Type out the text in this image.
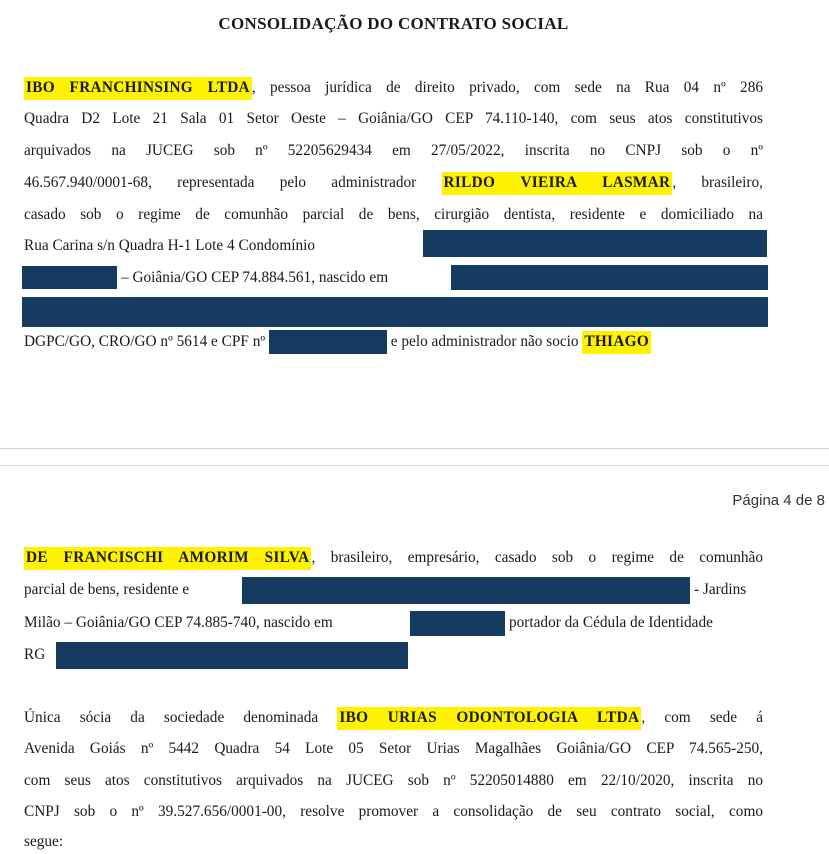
CONSOLIDAÇÃO DO CONTRATO SOCIAL
IBO FRANCHINSING LTDA , pessoa jurídica de direito privado, com sede na Rua 04 nº 286
Quadra D2 Lote 21 Sala 01 Setor Oeste – Goiânia/GO CEP 74.110-140, com seus atos constitutivos
arquivados na JUCEG sob nº 52205629434 em 27/05/2022, inscrita no CNPJ sob o nº
46.567.940/0001-68, representada pelo administrador RILDO VIEIRA LASMAR , brasileiro,
casado sob o regime de comunhão parcial de bens, cirurgião dentista, residente e domiciliado na
Rua Carina s/n Quadra H-1 Lote 4 Condomínio
– Goiânia/GO CEP 74.884.561, nascido em
DGPC/GO, CRO/GO nº 5614 e CPF nº	e pelo administrador não socio THIAGO
Página 4 de 8
DE FRANCISCHI AMORIM SILVA , brasileiro, empresário, casado sob o regime de comunhão
parcial de bens, residente e	- Jardins
Milão – Goiânia/GO CEP 74.885-740, nascido em	portador da Cédula de Identidade
RG
Única sócia da sociedade denominada IBO URIAS ODONTOLOGIA LTDA , com sede á
Avenida Goiás nº 5442 Quadra 54 Lote 05 Setor Urias Magalhães Goiânia/GO CEP 74.565-250,
com seus atos constitutivos arquivados na JUCEG sob nº 52205014880 em 22/10/2020, inscrita no
CNPJ sob o nº 39.527.656/0001-00, resolve promover a consolidação de seu contrato social, como
segue:
